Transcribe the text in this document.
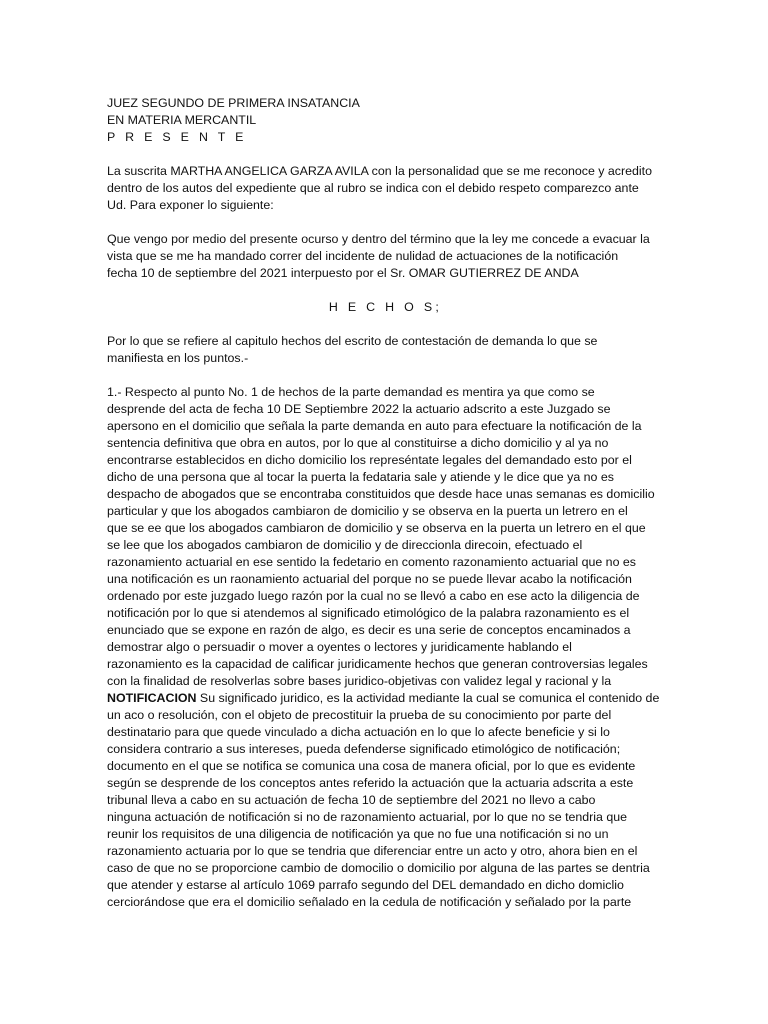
JUEZ SEGUNDO DE PRIMERA INSATANCIA
EN MATERIA MERCANTIL
P R E S E N T E
La suscrita MARTHA ANGELICA GARZA AVILA con la personalidad que se me reconoce y acredito
dentro de los autos del expediente que al rubro se indica con el debido respeto comparezco ante
Ud. Para exponer lo siguiente:
Que vengo por medio del presente ocurso y dentro del término que la ley me concede a evacuar la
vista que se me ha mandado correr del incidente de nulidad de actuaciones de la notificación
fecha 10 de septiembre del 2021 interpuesto por el Sr. OMAR GUTIERREZ DE ANDA
H E C H O S;
Por lo que se refiere al capitulo hechos del escrito de contestación de demanda lo que se
manifiesta en los puntos.-
1.- Respecto al punto No. 1 de hechos de la parte demandad es mentira ya que como se
desprende del acta de fecha 10 DE Septiembre 2022 la actuario adscrito a este Juzgado se
apersono en el domicilio que señala la parte demanda en auto para efectuare la notificación de la
sentencia definitiva que obra en autos, por lo que al constituirse a dicho domicilio y al ya no
encontrarse establecidos en dicho domicilio los represéntate legales del demandado esto por el
dicho de una persona que al tocar la puerta la fedataria sale y atiende y le dice que ya no es
despacho de abogados que se encontraba constituidos que desde hace unas semanas es domicilio
particular y que los abogados cambiaron de domicilio y se observa en la puerta un letrero en el
que se ee que los abogados cambiaron de domicilio y se observa en la puerta un letrero en el que
se lee que los abogados cambiaron de domicilio y de direccionla direcoin, efectuado el
razonamiento actuarial en ese sentido la fedetario en comento razonamiento actuarial que no es
una notificación es un raonamiento actuarial del porque no se puede llevar acabo la notificación
ordenado por este juzgado luego razón por la cual no se llevó a cabo en ese acto la diligencia de
notificación por lo que si atendemos al significado etimológico de la palabra razonamiento es el
enunciado que se expone en razón de algo, es decir es una serie de conceptos encaminados a
demostrar algo o persuadir o mover a oyentes o lectores y juridicamente hablando el
razonamiento es la capacidad de calificar juridicamente hechos que generan controversias legales
con la finalidad de resolverlas sobre bases juridico-objetivas con validez legal y racional y la
NOTIFICACION Su significado juridico, es la actividad mediante la cual se comunica el contenido de
un aco o resolución, con el objeto de precostituir la prueba de su conocimiento por parte del
destinatario para que quede vinculado a dicha actuación en lo que lo afecte beneficie y si lo
considera contrario a sus intereses, pueda defenderse significado etimológico de notificación;
documento en el que se notifica se comunica una cosa de manera oficial, por lo que es evidente
según se desprende de los conceptos antes referido la actuación que la actuaria adscrita a este
tribunal lleva a cabo en su actuación de fecha 10 de septiembre del 2021 no llevo a cabo
ninguna actuación de notificación si no de razonamiento actuarial, por lo que no se tendria que
reunir los requisitos de una diligencia de notificación ya que no fue una notificación si no un
razonamiento actuaria por lo que se tendria que diferenciar entre un acto y otro, ahora bien en el
caso de que no se proporcione cambio de domocilio o domicilio por alguna de las partes se dentria
que atender y estarse al artículo 1069 parrafo segundo del DEL demandado en dicho domiclio
cerciorándose que era el domicilio señalado en la cedula de notificación y señalado por la parte
